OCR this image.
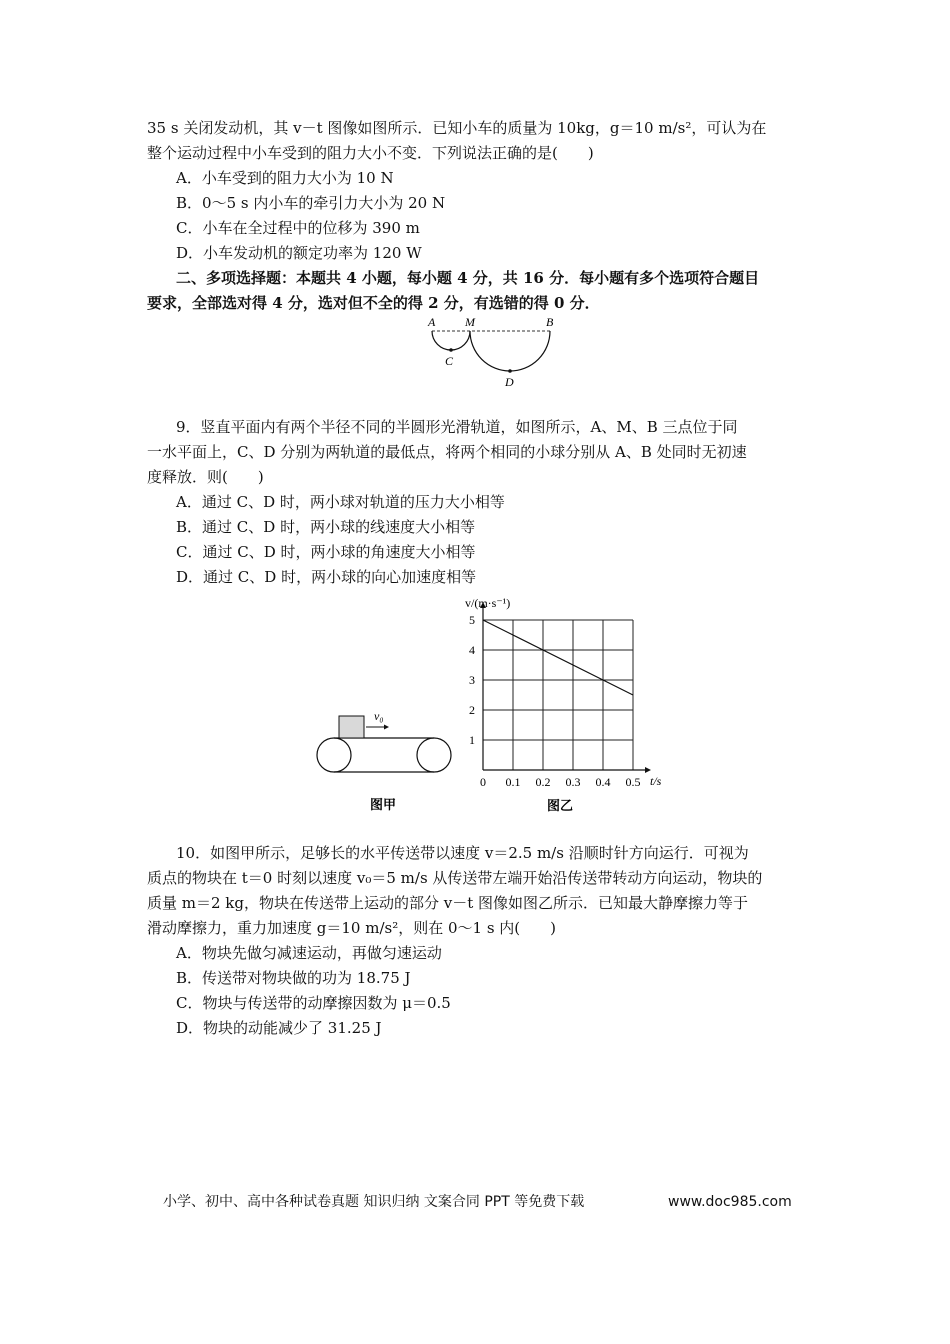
35 s 关闭发动机，其 v－t 图像如图所示．已知小车的质量为 10kg，g＝10 m/s²，可认为在
整个运动过程中小车受到的阻力大小不变．下列说法正确的是(　　)
A．小车受到的阻力大小为 10 N
B．0～5 s 内小车的牵引力大小为 20 N
C．小车在全过程中的位移为 390 m
D．小车发动机的额定功率为 120 W
二、多项选择题：本题共 4 小题，每小题 4 分，共 16 分．每小题有多个选项符合题目
要求，全部选对得 4 分，选对但不全的得 2 分，有选错的得 0 分．
A M	B
C
D
9．竖直平面内有两个半径不同的半圆形光滑轨道，如图所示，A、M、B 三点位于同
一水平面上，C、D 分别为两轨道的最低点，将两个相同的小球分别从 A、B 处同时无初速
度释放．则(　　)
A．通过 C、D 时，两小球对轨道的压力大小相等
B．通过 C、D 时，两小球的线速度大小相等
C．通过 C、D 时，两小球的角速度大小相等
D．通过 C、D 时，两小球的向心加速度相等
v₀
图甲
0 0.1 0.2 0.3 0.4 0.5
1
2
3
4
5
v/(m·s⁻¹)
t/s
图乙
10．如图甲所示，足够长的水平传送带以速度 v＝2.5 m/s 沿顺时针方向运行．可视为
质点的物块在 t＝0 时刻以速度 v₀＝5 m/s 从传送带左端开始沿传送带转动方向运动，物块的
质量 m＝2 kg，物块在传送带上运动的部分 v－t 图像如图乙所示．已知最大静摩擦力等于
滑动摩擦力，重力加速度 g＝10 m/s²，则在 0～1 s 内(　　)
A．物块先做匀减速运动，再做匀速运动
B．传送带对物块做的功为 18.75 J
C．物块与传送带的动摩擦因数为 μ＝0.5
D．物块的动能减少了 31.25 J
小学、初中、高中各种试卷真题 知识归纳 文案合同 PPT 等免费下载	www.doc985.com
